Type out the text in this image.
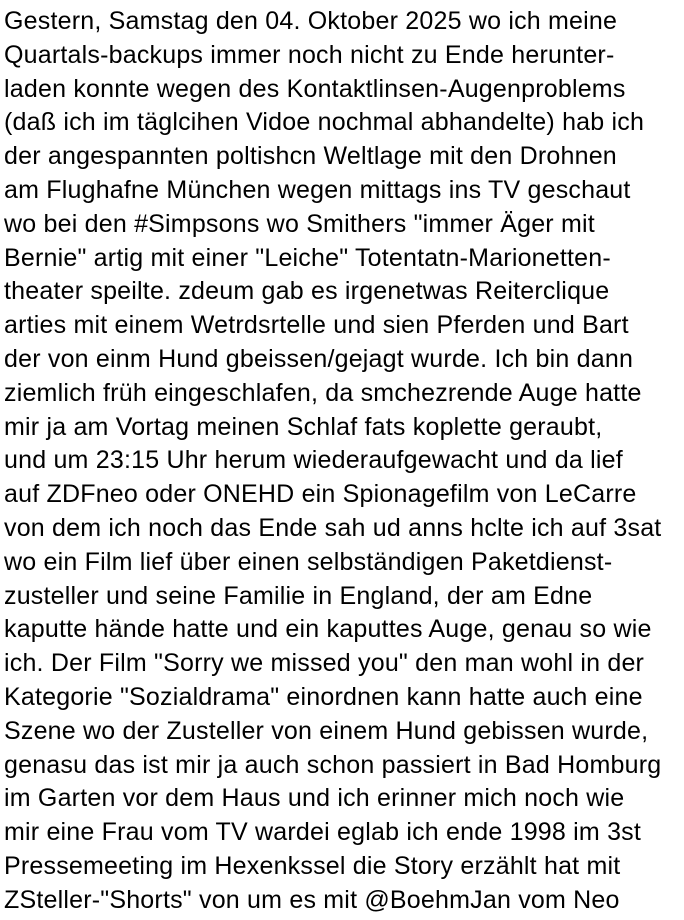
Gestern, Samstag den 04. Oktober 2025 wo ich meine
Quartals-backups immer noch nicht zu Ende herunter-
laden konnte wegen des Kontaktlinsen-Augenproblems
(daß ich im täglcihen Vidoe nochmal abhandelte) hab ich
der angespannten poltishcn Weltlage mit den Drohnen
am Flughafne München wegen mittags ins TV geschaut
wo bei den #Simpsons wo Smithers "immer Äger mit
Bernie" artig mit einer "Leiche" Totentatn-Marionetten-
theater speilte. zdeum gab es irgenetwas Reiterclique
arties mit einem Wetrdsrtelle und sien Pferden und Bart
der von einm Hund gbeissen/gejagt wurde. Ich bin dann
ziemlich früh eingeschlafen, da smchezrende Auge hatte
mir ja am Vortag meinen Schlaf fats koplette geraubt,
und um 23:15 Uhr herum wiederaufgewacht und da lief
auf ZDFneo oder ONEHD ein Spionagefilm von LeCarre
von dem ich noch das Ende sah ud anns hclte ich auf 3sat
wo ein Film lief über einen selbständigen Paketdienst-
zusteller und seine Familie in England, der am Edne
kaputte hände hatte und ein kaputtes Auge, genau so wie
ich. Der Film "Sorry we missed you" den man wohl in der
Kategorie "Sozialdrama" einordnen kann hatte auch eine
Szene wo der Zusteller von einem Hund gebissen wurde,
genasu das ist mir ja auch schon passiert in Bad Homburg
im Garten vor dem Haus und ich erinner mich noch wie
mir eine Frau vom TV wardei eglab ich ende 1998 im 3st
Pressemeeting im Hexenkssel die Story erzählt hat mit
ZSteller-"Shorts" von um es mit @BoehmJan vom Neo
